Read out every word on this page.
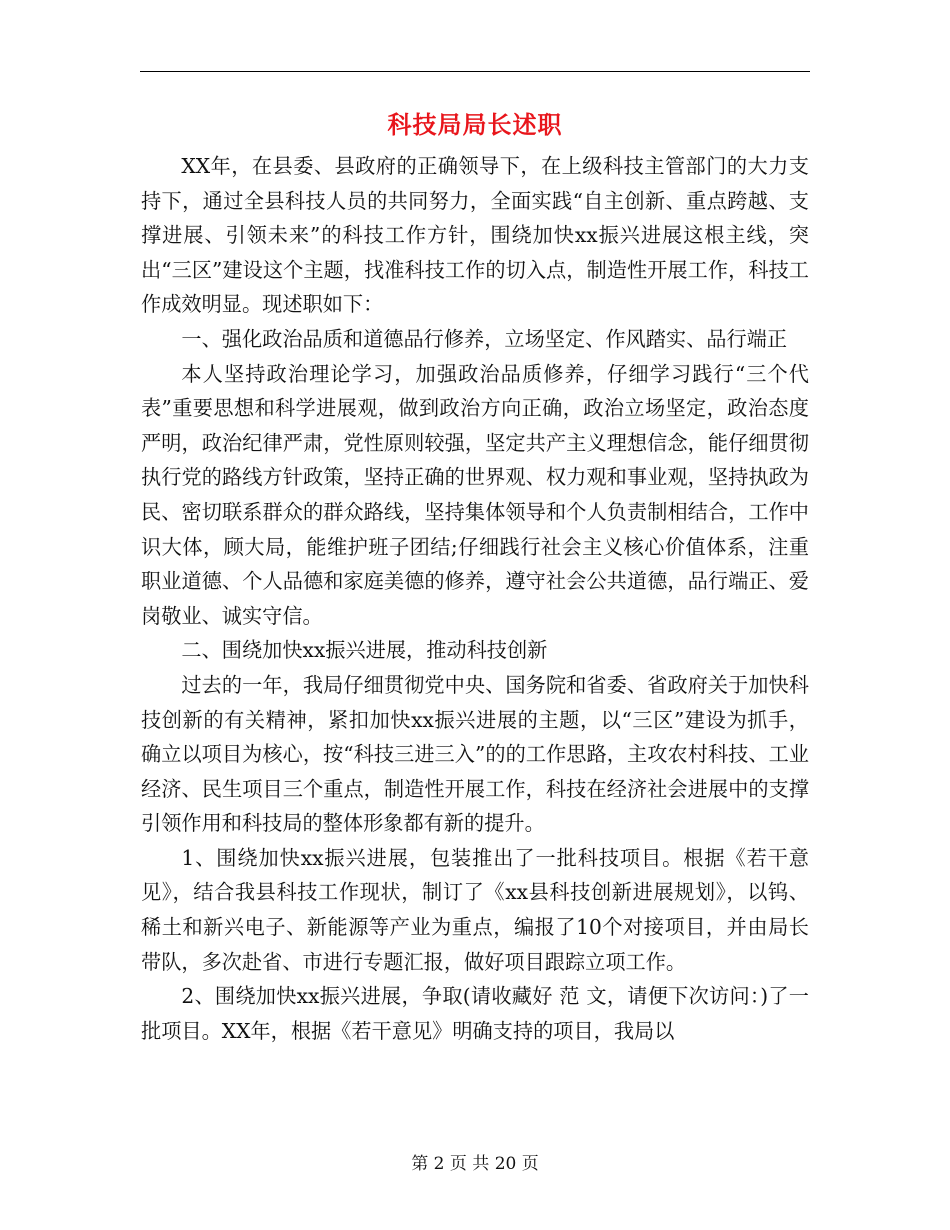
科技局局长述职

XX年，在县委、县政府的正确领导下，在上级科技主管部门的大力支持下，通过全县科技人员的共同努力，全面实践“自主创新、重点跨越、支撑进展、引领未来”的科技工作方针，围绕加快xx振兴进展这根主线，突出“三区”建设这个主题，找准科技工作的切入点，制造性开展工作，科技工作成效明显。现述职如下：

一、强化政治品质和道德品行修养，立场坚定、作风踏实、品行端正

本人坚持政治理论学习，加强政治品质修养，仔细学习践行“三个代表”重要思想和科学进展观，做到政治方向正确，政治立场坚定，政治态度严明，政治纪律严肃，党性原则较强，坚定共产主义理想信念，能仔细贯彻执行党的路线方针政策，坚持正确的世界观、权力观和事业观，坚持执政为民、密切联系群众的群众路线，坚持集体领导和个人负责制相结合，工作中识大体，顾大局，能维护班子团结;仔细践行社会主义核心价值体系，注重职业道德、个人品德和家庭美德的修养，遵守社会公共道德，品行端正、爱岗敬业、诚实守信。

二、围绕加快xx振兴进展，推动科技创新

过去的一年，我局仔细贯彻党中央、国务院和省委、省政府关于加快科技创新的有关精神，紧扣加快xx振兴进展的主题，以“三区”建设为抓手，确立以项目为核心，按“科技三进三入”的的工作思路，主攻农村科技、工业经济、民生项目三个重点，制造性开展工作，科技在经济社会进展中的支撑引领作用和科技局的整体形象都有新的提升。

1、围绕加快xx振兴进展，包装推出了一批科技项目。根据《若干意见》，结合我县科技工作现状，制订了《xx县科技创新进展规划》，以钨、稀土和新兴电子、新能源等产业为重点，编报了10个对接项目，并由局长带队，多次赴省、市进行专题汇报，做好项目跟踪立项工作。

2、围绕加快xx振兴进展，争取(请收藏好 范 文，请便下次访问：)了一批项目。XX年，根据《若干意见》明确支持的项目，我局以

第 2 页 共 20 页
